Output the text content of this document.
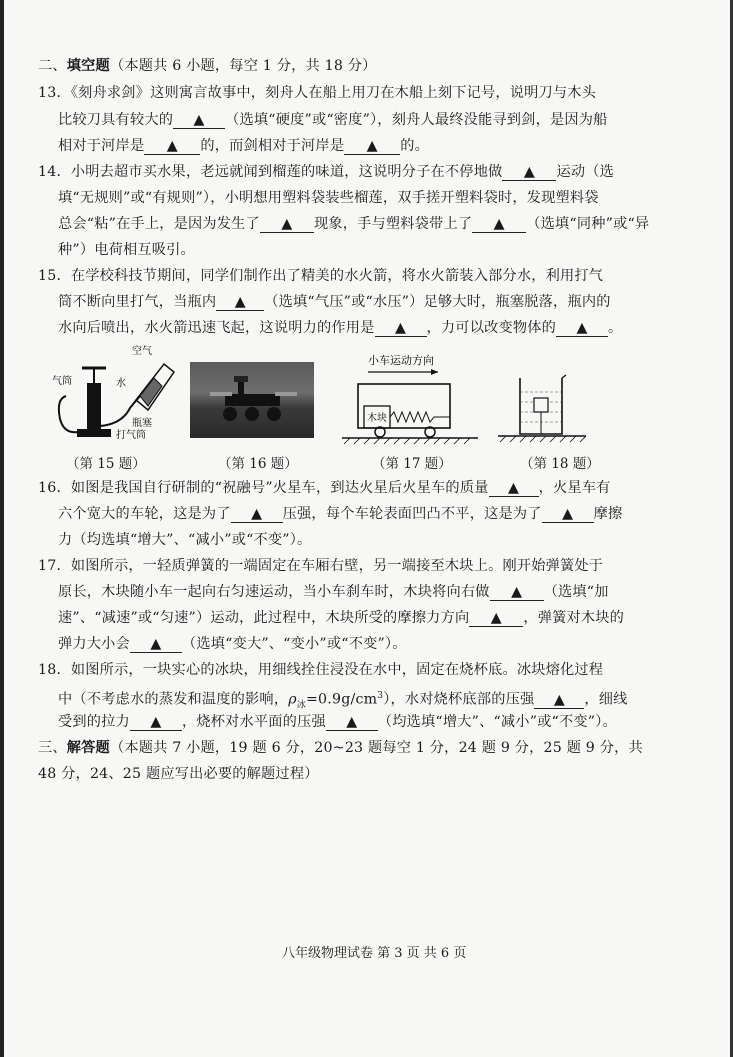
二、填空题（本题共 6 小题，每空 1 分，共 18 分）
13．《刻舟求剑》这则寓言故事中，刻舟人在船上用刀在木船上刻下记号，说明刀与木头
比较刀具有较大的 ▲ （选填“硬度”或“密度”），刻舟人最终没能寻到剑，是因为船
相对于河岸是 ▲ 的，而剑相对于河岸是 ▲ 的。
14．小明去超市买水果，老远就闻到榴莲的味道，这说明分子在不停地做 ▲ 运动（选
填“无规则”或“有规则”），小明想用塑料袋装些榴莲，双手搓开塑料袋时，发现塑料袋
总会“粘”在手上，是因为发生了 ▲ 现象，手与塑料袋带上了 ▲ （选填“同种”或“异
种”）电荷相互吸引。
15．在学校科技节期间，同学们制作出了精美的水火箭，将水火箭装入部分水，利用打气
筒不断向里打气，当瓶内 ▲ （选填“气压”或“水压”）足够大时，瓶塞脱落，瓶内的
水向后喷出，水火箭迅速飞起，这说明力的作用是 ▲ ，力可以改变物体的 ▲ 。
空气
气筒	水
瓶塞
打气筒
小车运动方向
木块
（第 15 题）	（第 16 题）	（第 17 题）	（第 18 题）
16．如图是我国自行研制的“祝融号”火星车，到达火星后火星车的质量 ▲ ，火星车有
六个宽大的车轮，这是为了 ▲ 压强，每个车轮表面凹凸不平，这是为了 ▲ 摩擦
力（均选填“增大”、“减小”或“不变”）。
17．如图所示，一轻质弹簧的一端固定在车厢右壁，另一端接至木块上。刚开始弹簧处于
原长，木块随小车一起向右匀速运动，当小车刹车时，木块将向右做 ▲ （选填“加
速”、“减速”或“匀速”）运动，此过程中，木块所受的摩擦力方向 ▲ ，弹簧对木块的
弹力大小会 ▲ （选填“变大”、“变小”或“不变”）。
18．如图所示，一块实心的冰块，用细线拴住浸没在水中，固定在烧杯底。冰块熔化过程
中（不考虑水的蒸发和温度的影响，$\rho_冰=0.9g/cm^3$），水对烧杯底部的压强 ▲ ，细线
受到的拉力 ▲ ，烧杯对水平面的压强 ▲ （均选填“增大”、“减小”或“不变”）。
三、解答题（本题共 7 小题，19 题 6 分，20~23 题每空 1 分，24 题 9 分，25 题 9 分，共
48 分，24、25 题应写出必要的解题过程）
八年级物理试卷 第 3 页 共 6 页
